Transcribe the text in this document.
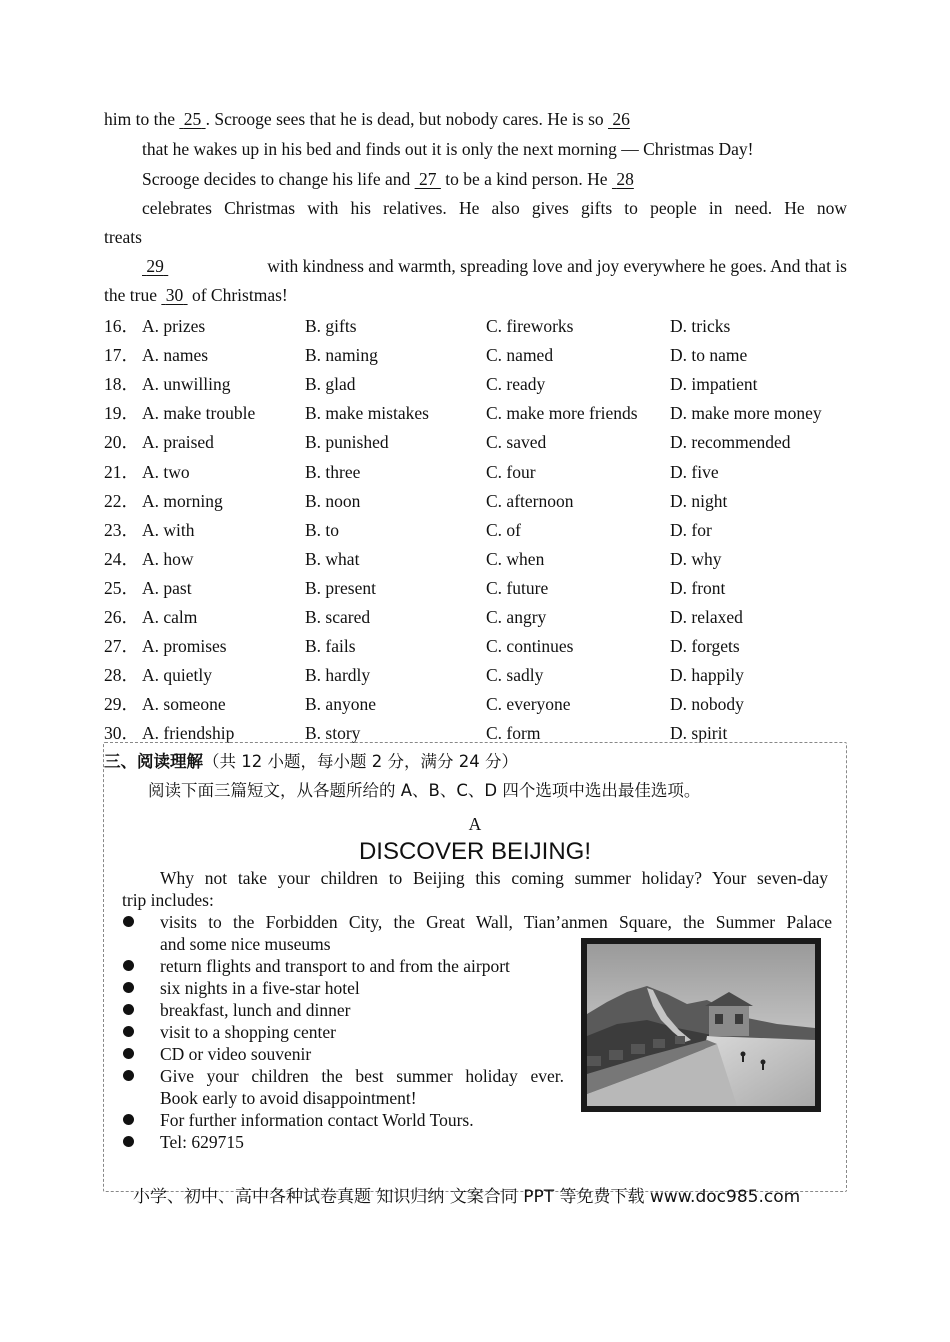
him to the 25 . Scrooge sees that he is dead, but nobody cares. He is so 26
that he wakes up in his bed and finds out it is only the next morning — Christmas Day!
Scrooge decides to change his life and 27 to be a kind person. He 28
celebrates Christmas with his relatives. He also gives gifts to people in need. He now
treats
29	with kindness and warmth, spreading love and joy everywhere he goes. And that is
the true 30 of Christmas!
16． A. prizes	B. gifts	C. fireworks	D. tricks
17． A. names	B. naming	C. named	D. to name
18． A. unwilling	B. glad	C. ready	D. impatient
19． A. make trouble	B. make mistakes	C. make more friends D. make more money
20． A. praised	B. punished	C. saved	D. recommended
21． A. two	B. three	C. four	D. five
22． A. morning	B. noon	C. afternoon	D. night
23． A. with	B. to	C. of	D. for
24． A. how	B. what	C. when	D. why
25． A. past	B. present	C. future	D. front
26． A. calm	B. scared	C. angry	D. relaxed
27． A. promises	B. fails	C. continues	D. forgets
28． A. quietly	B. hardly	C. sadly	D. happily
29． A. someone	B. anyone	C. everyone	D. nobody
30． A. friendship	B. story	C. form	D. spirit
三、阅读理解（共 12 小题，每小题 2 分，满分 24 分）
阅读下面三篇短文，从各题所给的 A、B、C、D 四个选项中选出最佳选项。
A
DISCOVER BEIJING!
Why not take your children to Beijing this coming summer holiday? Your seven-day
trip includes:
visits to the Forbidden City, the Great Wall, Tian’anmen Square, the Summer Palace
and some nice museums
return flights and transport to and from the airport
six nights in a five-star hotel
breakfast, lunch and dinner
visit to a shopping center
CD or video souvenir
Give your children the best summer holiday ever.
Book early to avoid disappointment!
For further information contact World Tours.
Tel: 629715
小学、初中、高中各种试卷真题 知识归纳 文案合同 PPT 等免费下载 www.doc985.com
